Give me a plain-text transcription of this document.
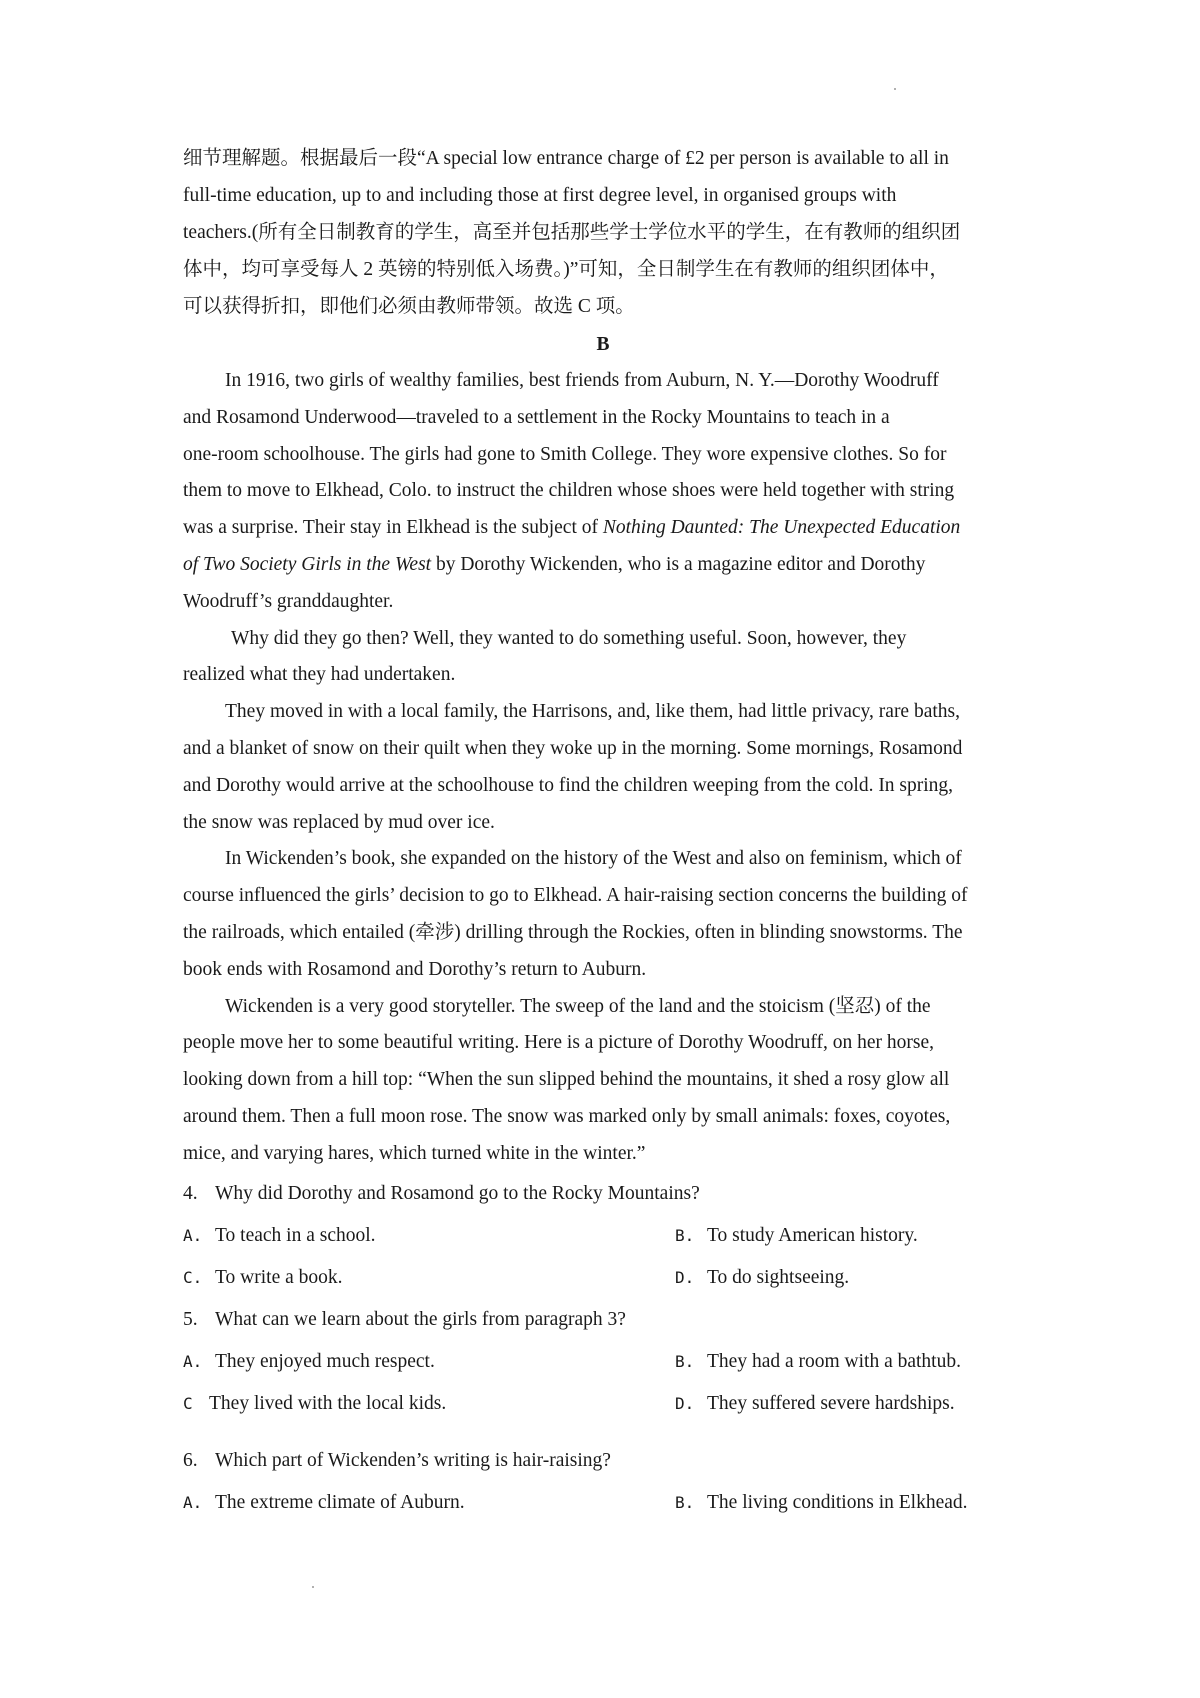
细节理解题。根据最后一段“A special low entrance charge of £2 per person is available to all in
full-time education, up to and including those at first degree level, in organised groups with
teachers.(所有全日制教育的学生，高至并包括那些学士学位水平的学生，在有教师的组织团
体中，均可享受每人 2 英镑的特别低入场费。)”可知，全日制学生在有教师的组织团体中，
可以获得折扣，即他们必须由教师带领。故选 C 项。
B
In 1916, two girls of wealthy families, best friends from Auburn, N. Y.—Dorothy Woodruff
and Rosamond Underwood—traveled to a settlement in the Rocky Mountains to teach in a
one-room schoolhouse. The girls had gone to Smith College. They wore expensive clothes. So for
them to move to Elkhead, Colo. to instruct the children whose shoes were held together with string
was a surprise. Their stay in Elkhead is the subject of Nothing Daunted: The Unexpected Education
of Two Society Girls in the West by Dorothy Wickenden, who is a magazine editor and Dorothy
Woodruff’s granddaughter.
Why did they go then? Well, they wanted to do something useful. Soon, however, they
realized what they had undertaken.
They moved in with a local family, the Harrisons, and, like them, had little privacy, rare baths,
and a blanket of snow on their quilt when they woke up in the morning. Some mornings, Rosamond
and Dorothy would arrive at the schoolhouse to find the children weeping from the cold. In spring,
the snow was replaced by mud over ice.
In Wickenden’s book, she expanded on the history of the West and also on feminism, which of
course influenced the girls’ decision to go to Elkhead. A hair-raising section concerns the building of
the railroads, which entailed (牵涉) drilling through the Rockies, often in blinding snowstorms. The
book ends with Rosamond and Dorothy’s return to Auburn.
Wickenden is a very good storyteller. The sweep of the land and the stoicism (坚忍) of the
people move her to some beautiful writing. Here is a picture of Dorothy Woodruff, on her horse,
looking down from a hill top: “When the sun slipped behind the mountains, it shed a rosy glow all
around them. Then a full moon rose. The snow was marked only by small animals: foxes, coyotes,
mice, and varying hares, which turned white in the winter.”
4. Why did Dorothy and Rosamond go to the Rocky Mountains?
A. To teach in a school.	B. To study American history.
C. To write a book.	D. To do sightseeing.
5. What can we learn about the girls from paragraph 3?
A. They enjoyed much respect.	B. They had a room with a bathtub.
C They lived with the local kids.	D. They suffered severe hardships.
6. Which part of Wickenden’s writing is hair-raising?
A. The extreme climate of Auburn.	B. The living conditions in Elkhead.
